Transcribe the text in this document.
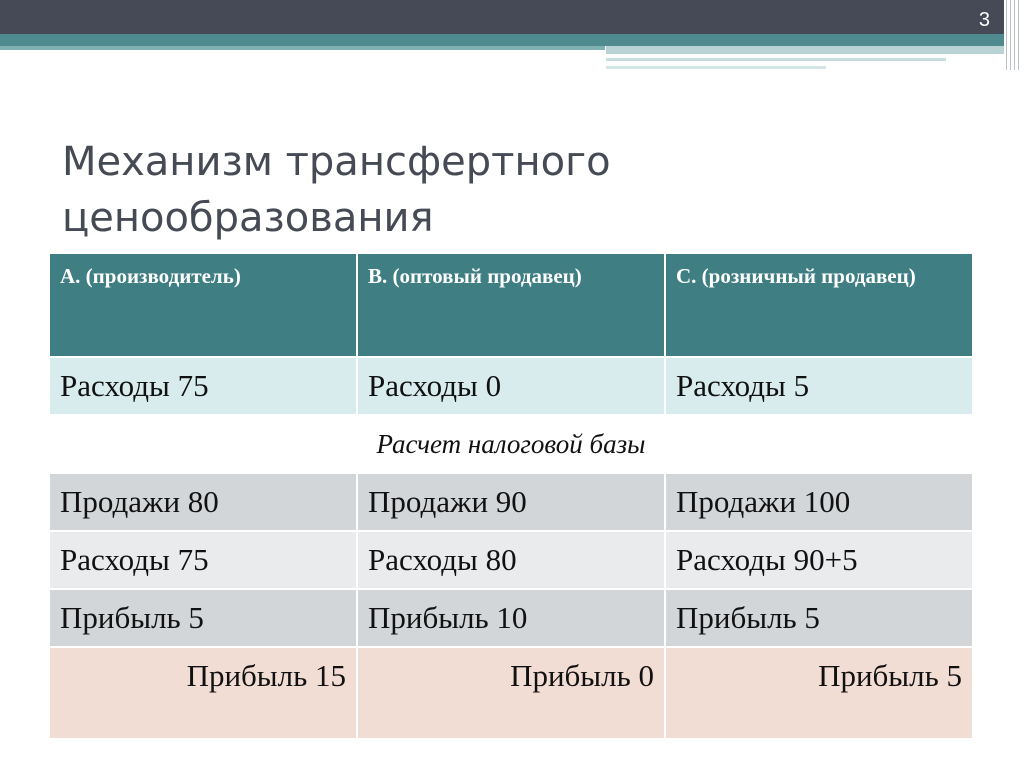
3
Механизм трансфертного
ценообразования
A. (производитель)	B. (оптовый продавец)	C. (розничный продавец)
Расходы 75	Расходы 0	Расходы 5
Расчет налоговой базы		
Продажи 80	Продажи 90	Продажи 100
Расходы 75	Расходы 80	Расходы 90+5
Прибыль 5	Прибыль 10	Прибыль 5
Прибыль 15	Прибыль 0	Прибыль 5
